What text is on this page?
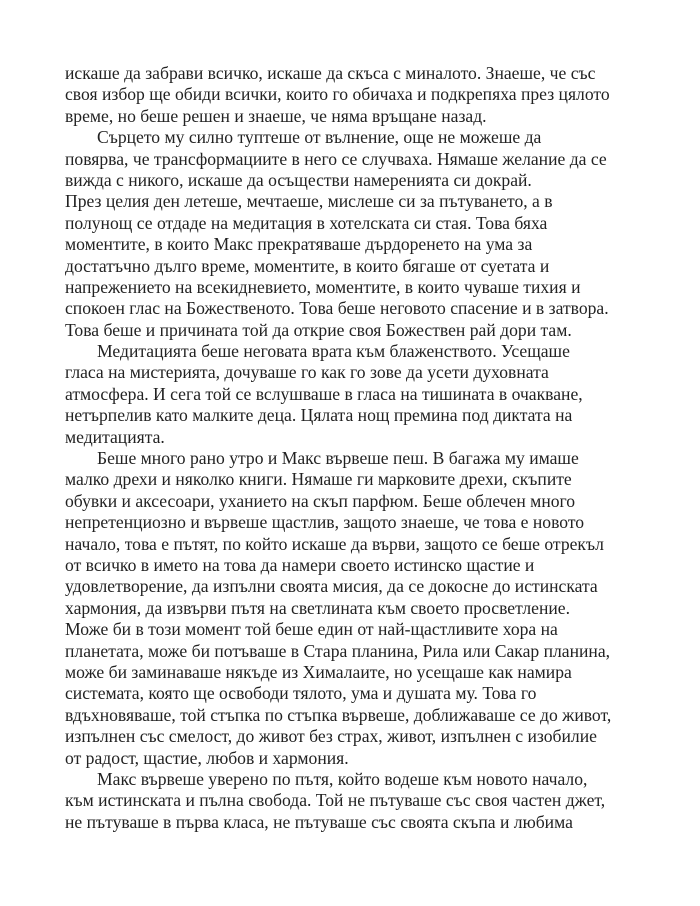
искаше да забрави всичко, искаше да скъса с миналото. Знаеше, че със
своя избор ще обиди всички, които го обичаха и подкрепяха през цялото
време, но беше решен и знаеше, че няма връщане назад.
Сърцето му силно туптеше от вълнение, още не можеше да
повярва, че трансформациите в него се случваха. Нямаше желание да се
вижда с никого, искаше да осъществи намеренията си докрай.
През целия ден летеше, мечтаеше, мислеше си за пътуването, а в
полунощ се отдаде на медитация в хотелската си стая. Това бяха
моментите, в които Макс прекратяваше дърдоренето на ума за
достатъчно дълго време, моментите, в които бягаше от суетата и
напрежението на всекидневието, моментите, в които чуваше тихия и
спокоен глас на Божественото. Това беше неговото спасение и в затвора.
Това беше и причината той да открие своя Божествен рай дори там.
Медитацията беше неговата врата към блаженството. Усещаше
гласа на мистерията, дочуваше го как го зове да усети духовната
атмосфера. И сега той се вслушваше в гласа на тишината в очакване,
нетърпелив като малките деца. Цялата нощ премина под диктата на
медитацията.
Беше много рано утро и Макс вървеше пеш. В багажа му имаше
малко дрехи и няколко книги. Нямаше ги марковите дрехи, скъпите
обувки и аксесоари, уханието на скъп парфюм. Беше облечен много
непретенциозно и вървеше щастлив, защото знаеше, че това е новото
начало, това е пътят, по който искаше да върви, защото се беше отрекъл
от всичко в името на това да намери своето истинско щастие и
удовлетворение, да изпълни своята мисия, да се докосне до истинската
хармония, да извърви пътя на светлината към своето просветление.
Може би в този момент той беше един от най-щастливите хора на
планетата, може би потъваше в Стара планина, Рила или Сакар планина,
може би заминаваше някъде из Хималаите, но усещаше как намира
системата, която ще освободи тялото, ума и душата му. Това го
вдъхновяваше, той стъпка по стъпка вървеше, доближаваше се до живот,
изпълнен със смелост, до живот без страх, живот, изпълнен с изобилие
от радост, щастие, любов и хармония.
Макс вървеше уверено по пътя, който водеше към новото начало,
към истинската и пълна свобода. Той не пътуваше със своя частен джет,
не пътуваше в първа класа, не пътуваше със своята скъпа и любима
